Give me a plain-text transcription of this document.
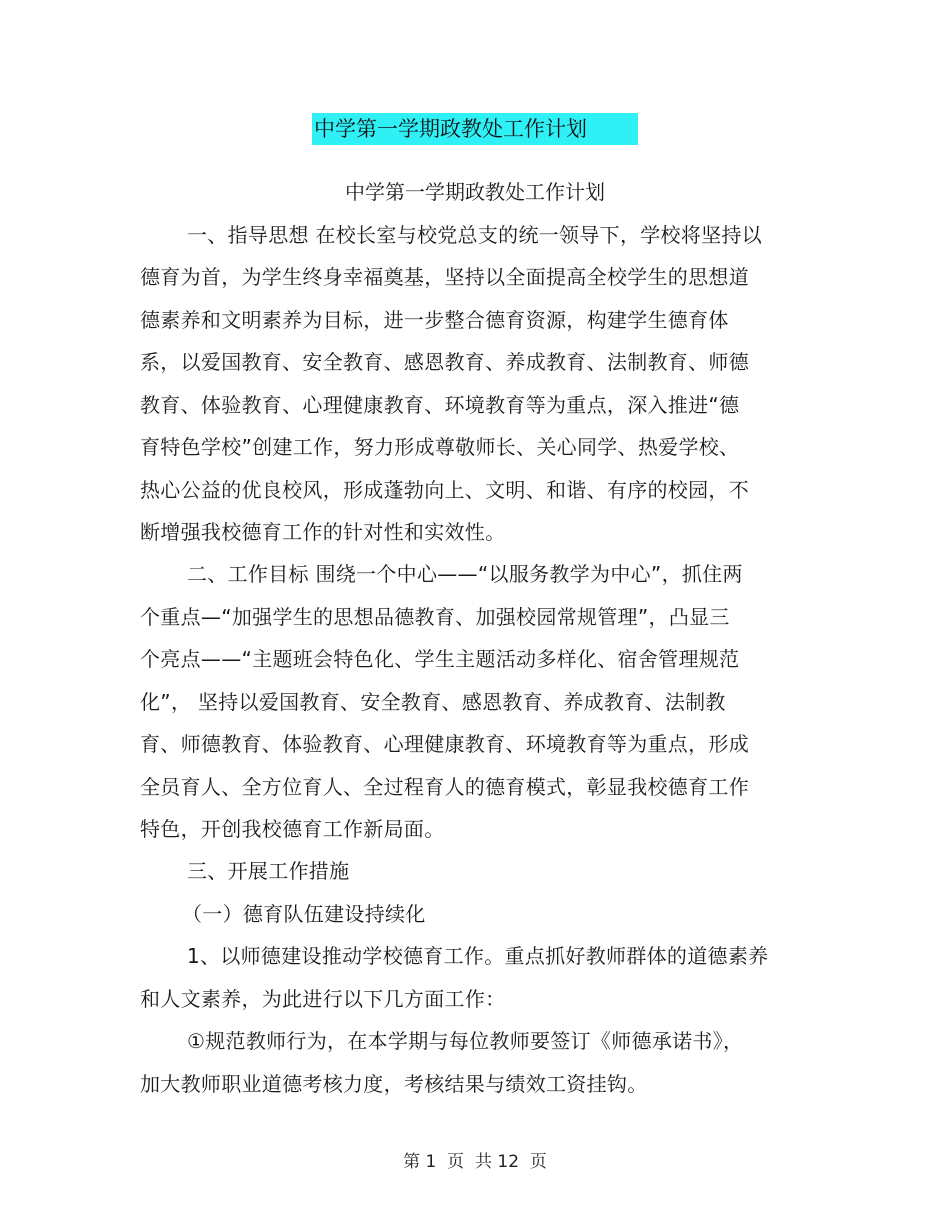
中学第一学期政教处工作计划
中学第一学期政教处工作计划
一、指导思想 在校长室与校党总支的统一领导下，学校将坚持以
德育为首，为学生终身幸福奠基，坚持以全面提高全校学生的思想道
德素养和文明素养为目标，进一步整合德育资源，构建学生德育体
系，以爱国教育、安全教育、感恩教育、养成教育、法制教育、师德
教育、体验教育、心理健康教育、环境教育等为重点，深入推进“德
育特色学校”创建工作，努力形成尊敬师长、关心同学、热爱学校、
热心公益的优良校风，形成蓬勃向上、文明、和谐、有序的校园，不
断增强我校德育工作的针对性和实效性。
二、工作目标 围绕一个中心——“以服务教学为中心”，抓住两
个重点—“加强学生的思想品德教育、加强校园常规管理”，凸显三
个亮点——“主题班会特色化、学生主题活动多样化、宿舍管理规范
化”， 坚持以爱国教育、安全教育、感恩教育、养成教育、法制教
育、师德教育、体验教育、心理健康教育、环境教育等为重点，形成
全员育人、全方位育人、全过程育人的德育模式，彰显我校德育工作
特色，开创我校德育工作新局面。
三、开展工作措施
（一）德育队伍建设持续化
1、以师德建设推动学校德育工作。重点抓好教师群体的道德素养
和人文素养，为此进行以下几方面工作：
①规范教师行为，在本学期与每位教师要签订《师德承诺书》，
加大教师职业道德考核力度，考核结果与绩效工资挂钩。
第 1  页  共 12  页
